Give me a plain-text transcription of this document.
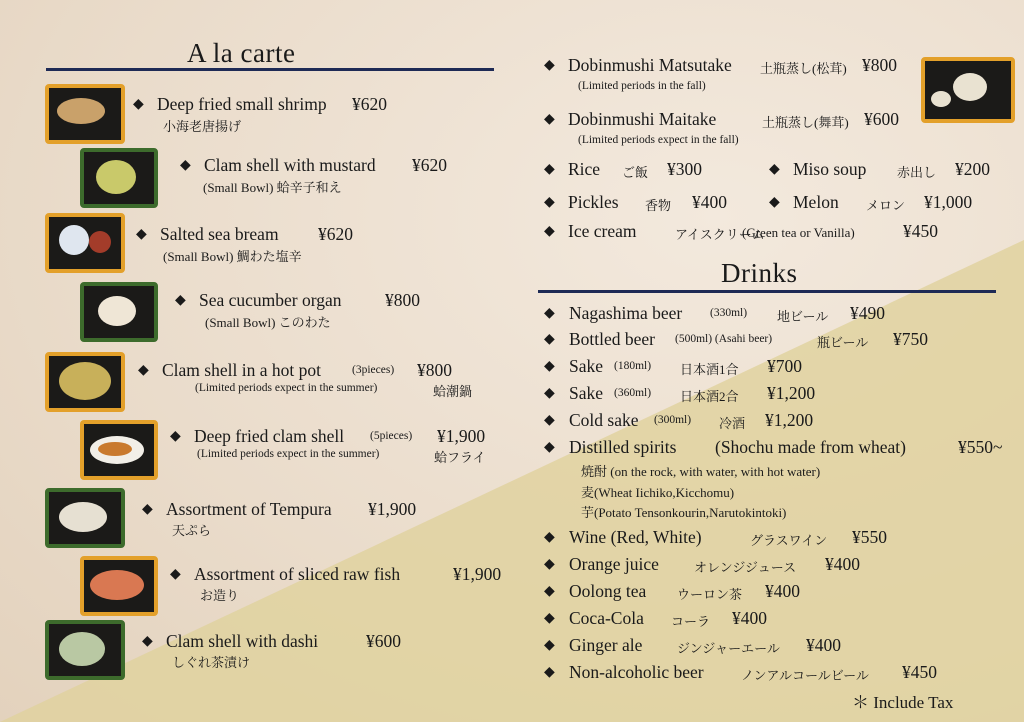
A la carte
◆ Deep fried small shrimp ¥620
小海老唐揚げ
◆ Clam shell with mustard ¥620
(Small Bowl) 蛤辛子和え
◆ Salted sea bream ¥620
(Small Bowl) 鯛わた塩辛
◆ Sea cucumber organ ¥800
(Small Bowl) このわた
◆ Clam shell in a hot pot	(3pieces) ¥800
(Limited periods expect in the summer)	蛤潮鍋
◆ Deep fried clam shell (5pieces) ¥1,900
(Limited periods expect in the summer)	蛤フライ
◆ Assortment of Tempura ¥1,900
天ぷら
◆ Assortment of sliced raw fish	¥1,900
お造り
◆ Clam shell with dashi	¥600
しぐれ茶漬け
◆ Dobinmushi Matsutake 土瓶蒸し(松茸) ¥800
(Limited periods in the fall)
◆ Dobinmushi Maitake	土瓶蒸し(舞茸) ¥600
(Limited periods expect in the fall)
◆ Rice ご飯 ¥300	◆ Miso soup 赤出し ¥200
◆ Pickles 香物 ¥400	◆ Melon メロン ¥1,000
◆ Ice cream	アイスクリーム
(Green tea or Vanilla)	¥450
Drinks
◆ Nagashima beer (330ml) 地ビール ¥490
◆ Bottled beer (500ml) (Asahi beer)	瓶ビール ¥750
◆ Sake (180ml) 日本酒1合 ¥700
◆ Sake (360ml) 日本酒2合 ¥1,200
◆ Cold sake (300ml) 冷酒 ¥1,200
◆ Distilled spirits (Shochu made from wheat)	¥550~
焼酎 (on the rock, with water, with hot water)
麦(Wheat Iichiko,Kicchomu)
芋(Potato Tensonkourin,Narutokintoki)
◆ Wine (Red, White)	グラスワイン ¥550
◆ Orange juice	オレンジジュース ¥400
◆ Oolong tea ウーロン茶 ¥400
◆ Coca-Cola コーラ ¥400
◆ Ginger ale	ジンジャーエール ¥400
◆ Non-alcoholic beer	ノンアルコールビール ¥450
＊ Include Tax
